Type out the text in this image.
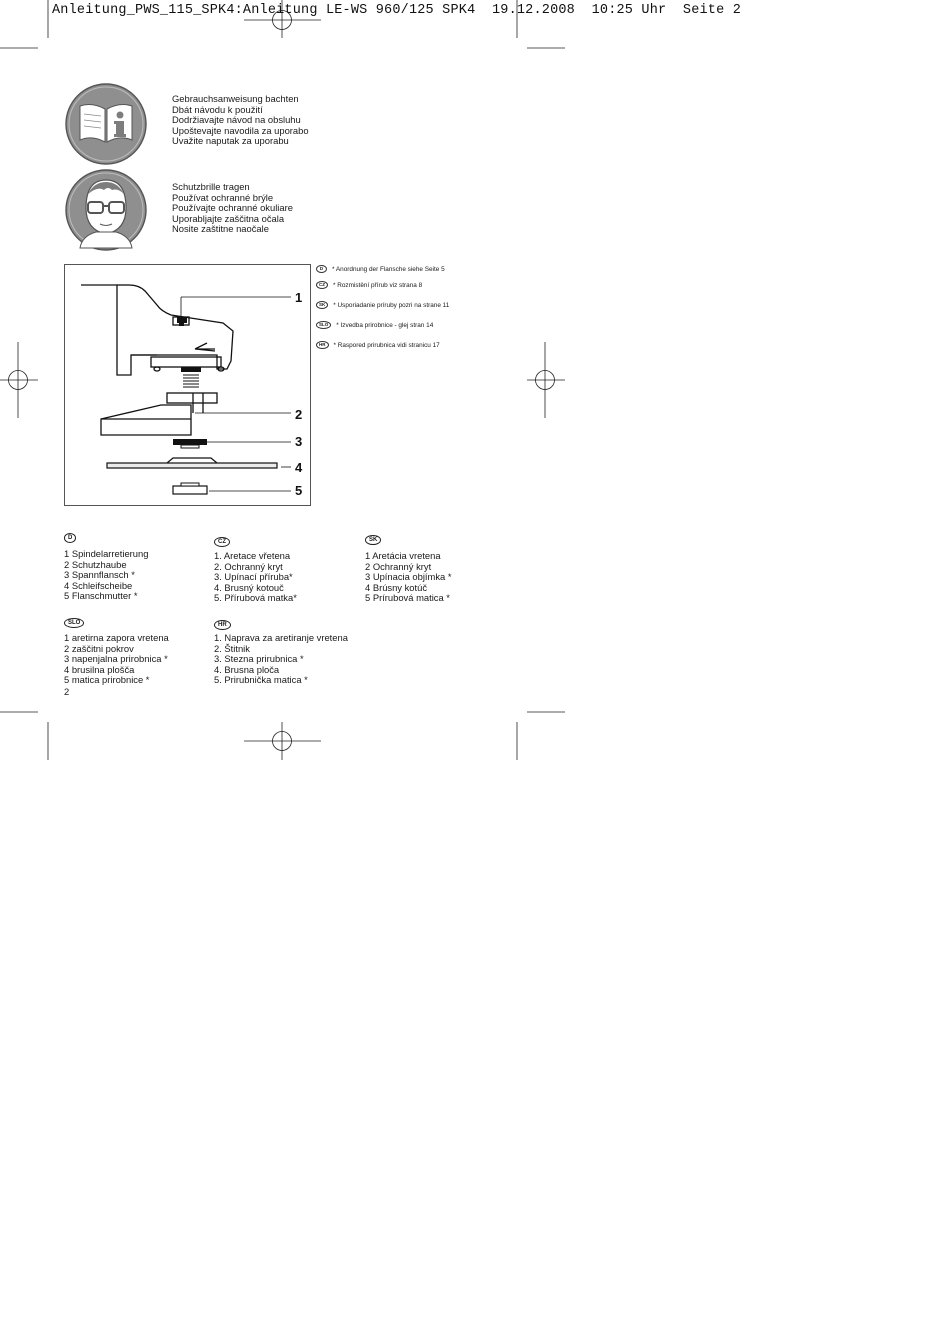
Anleitung_PWS_115_SPK4:Anleitung LE-WS 960/125 SPK4  19.12.2008  10:25 Uhr  Seite 2
Gebrauchsanweisung bachten
Dbát návodu k použití
Dodržiavajte návod na obsluhu
Upoštevajte navodila za uporabo
Uvažite naputak za uporabu
Schutzbrille tragen
Používat ochranné brýle
Používajte ochranné okuliare
Uporabljajte zaščitna očala
Nosite zaštitne naočale
1
2
3
4
5
D	* Anordnung der Flansche siehe Seite 5
CZ	* Rozmistění přírub viz strana 8
SK	* Usporiadanie príruby pozri na strane 11
SLO	* Izvedba prirobnice - glej stran 14
HR	* Raspored prirubnica vidi stranicu 17
D
1 Spindelarretierung
2 Schutzhaube
3 Spannflansch *
4 Schleifscheibe
5 Flanschmutter *
CZ
1. Aretace vřetena
2. Ochranný kryt
3. Upínací příruba*
4. Brusný kotouč
5. Přírubová matka*
SK
1 Aretácia vretena
2 Ochranný kryt
3 Upínacia objímka *
4 Brúsny kotúč
5 Prírubová matica *
SLO
1 aretirna zapora vretena
2 zaščitni pokrov
3 napenjalna prirobnica *
4 brusilna plošča
5 matica prirobnice *
HR
1. Naprava za aretiranje vretena
2. Štitnik
3. Stezna prirubnica *
4. Brusna ploča
5. Prirubnička matica *
2
